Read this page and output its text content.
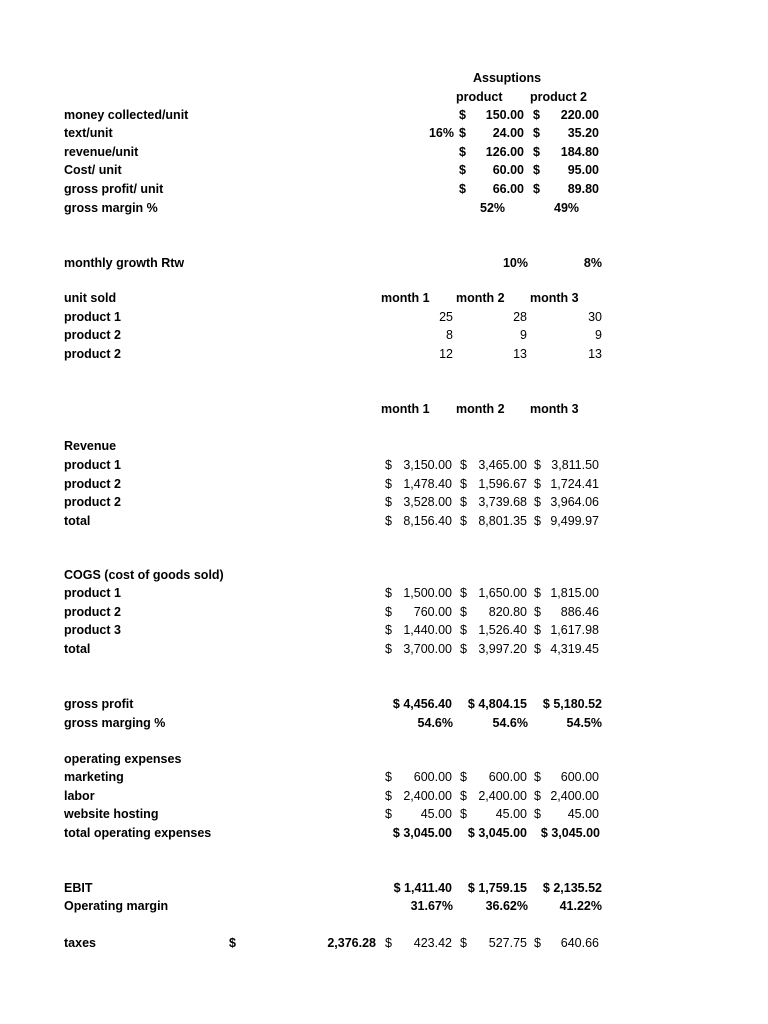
Assuptions
product product 2
money collected/unit	$	150.00 $	220.00
text/unit	16% $	24.00 $	35.20
revenue/unit	$	126.00 $	184.80
Cost/ unit	$	60.00 $	95.00
gross profit/ unit	$	66.00 $	89.80
gross margin %	52%	49%
monthly growth Rtw	10%	8%
unit sold	month 1 month 2 month 3
product 1	25	28	30
product 2	8	9	9
product 2	12	13	13
month 1 month 2 month 3
Revenue
product 1	$ 3,150.00 $ 3,465.00 $ 3,811.50
product 2	$ 1,478.40 $ 1,596.67 $ 1,724.41
product 2	$ 3,528.00 $ 3,739.68 $ 3,964.06
total	$ 8,156.40 $ 8,801.35 $ 9,499.97
COGS (cost of goods sold)
product 1	$ 1,500.00 $ 1,650.00 $ 1,815.00
product 2	$	760.00 $	820.80 $	886.46
product 3	$ 1,440.00 $ 1,526.40 $ 1,617.98
total	$ 3,700.00 $ 3,997.20 $ 4,319.45
gross profit	$ 4,456.40	$ 4,804.15	$ 5,180.52
gross marging %	54.6%	54.6%	54.5%
operating expenses
marketing	$	600.00 $	600.00 $	600.00
labor	$ 2,400.00 $ 2,400.00 $ 2,400.00
website hosting	$	45.00 $	45.00 $	45.00
total operating expenses	$ 3,045.00	$ 3,045.00	$ 3,045.00
EBIT	$ 1,411.40	$ 1,759.15	$ 2,135.52
Operating margin	31.67%	36.62%	41.22%
taxes	$	2,376.28 $	423.42 $	527.75 $	640.66
